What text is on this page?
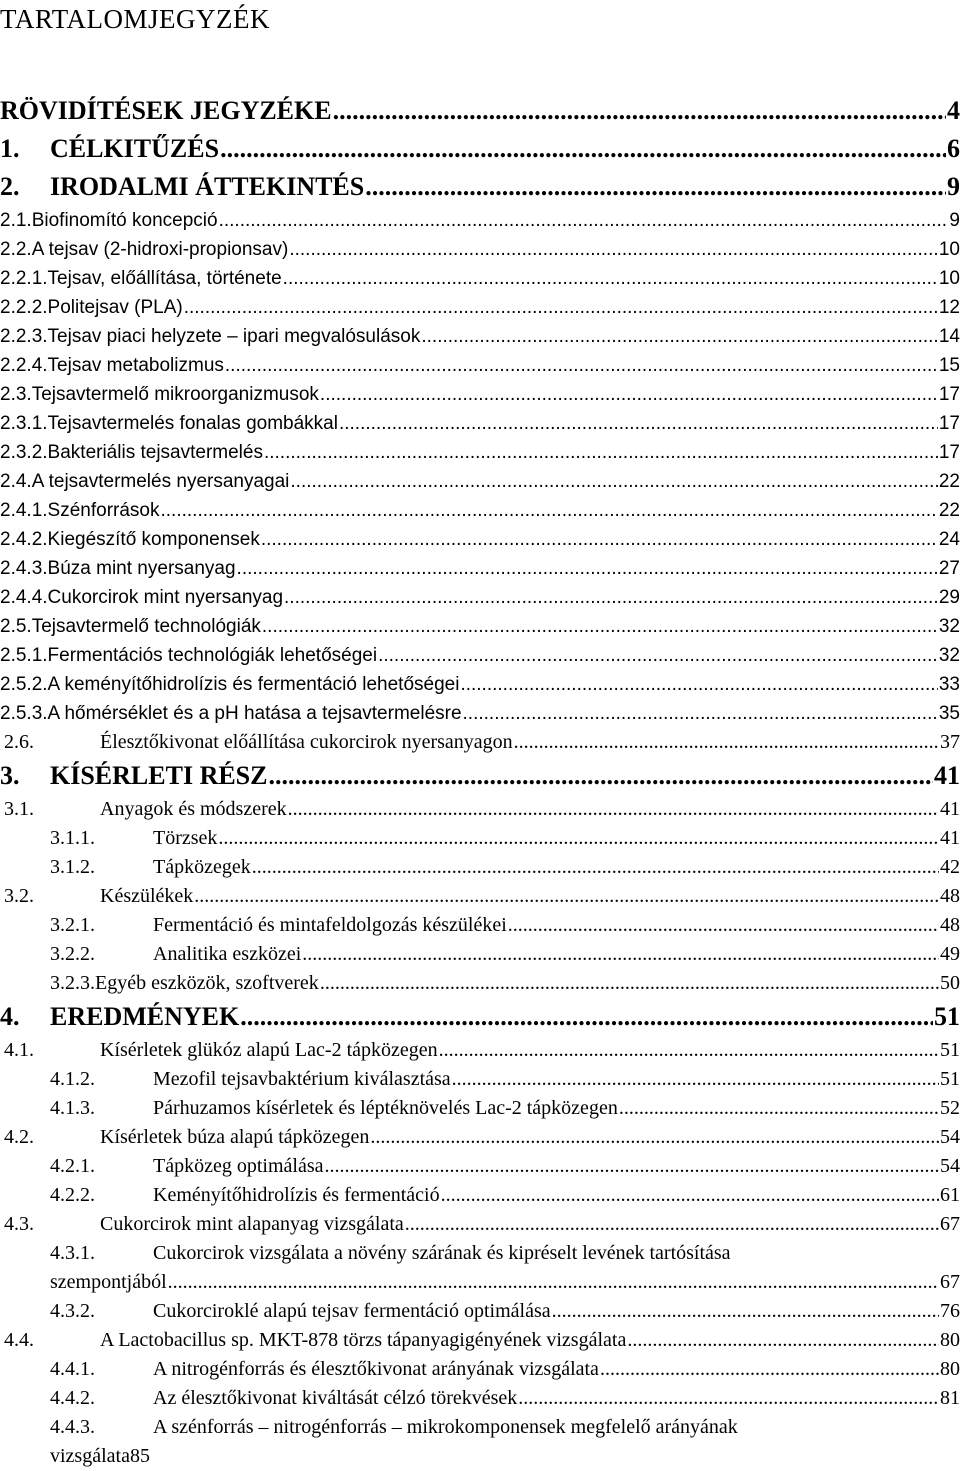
TARTALOMJEGYZÉK
RÖVIDÍTÉSEK JEGYZÉKE .....	4
1.	CÉLKITŰZÉS .....	6
2.	IRODALMI ÁTTEKINTÉS .....	9
2.1. Biofinomító koncepció .....	9
2.2. A tejsav (2-hidroxi-propionsav) .....	10
2.2.1. Tejsav, előállítása, története .....	10
2.2.2. Politejsav (PLA) .....	12
2.2.3. Tejsav piaci helyzete – ipari megvalósulások .....	14
2.2.4. Tejsav metabolizmus .....	15
2.3. Tejsavtermelő mikroorganizmusok .....	17
2.3.1. Tejsavtermelés fonalas gombákkal .....	17
2.3.2. Bakteriális tejsavtermelés .....	17
2.4. A tejsavtermelés nyersanyagai .....	22
2.4.1. Szénforrások .....	22
2.4.2. Kiegészítő komponensek .....	24
2.4.3. Búza mint nyersanyag .....	27
2.4.4. Cukorcirok mint nyersanyag .....	29
2.5. Tejsavtermelő technológiák .....	32
2.5.1. Fermentációs technológiák lehetőségei .....	32
2.5.2. A keményítőhidrolízis és fermentáció lehetőségei .....	33
2.5.3. A hőmérséklet és a pH hatása a tejsavtermelésre .....	35
2.6.	Élesztőkivonat előállítása cukorcirok nyersanyagon .....	37
3.	KÍSÉRLETI RÉSZ .....	41
3.1.	Anyagok és módszerek .....	41
3.1.1.	Törzsek .....	41
3.1.2.	Tápközegek .....	42
3.2.	Készülékek .....	48
3.2.1.	Fermentáció és mintafeldolgozás készülékei .....	48
3.2.2.	Analitika eszközei .....	49
3.2.3. Egyéb eszközök, szoftverek .....	50
4.	EREDMÉNYEK .....	51
4.1.	Kísérletek glükóz alapú Lac-2 tápközegen .....	51
4.1.2.	Mezofil tejsavbaktérium kiválasztása .....	51
4.1.3.	Párhuzamos kísérletek és léptéknövelés Lac-2 tápközegen .....	52
4.2.	Kísérletek búza alapú tápközegen .....	54
4.2.1.	Tápközeg optimálása .....	54
4.2.2.	Keményítőhidrolízis és fermentáció .....	61
4.3.	Cukorcirok mint alapanyag vizsgálata .....	67
4.3.1.	Cukorcirok vizsgálata a növény szárának és kipréselt levének tartósítása
szempontjából .....	67
4.3.2.	Cukorcirokl​é alapú tejsav fermentáció optimálása .....	76
4.4.	A Lactobacillus sp. MKT-878 törzs tápanyagigényének vizsgálata .....	80
4.4.1.	A nitrogénforrás és élesztőkivonat arányának vizsgálata .....	80
4.4.2.	Az élesztőkivonat kiváltását célzó törekvések .....	81
4.4.3.	A szénforrás – nitrogénforrás – mikrokomponensek megfelelő arányának
vizsgálata85
